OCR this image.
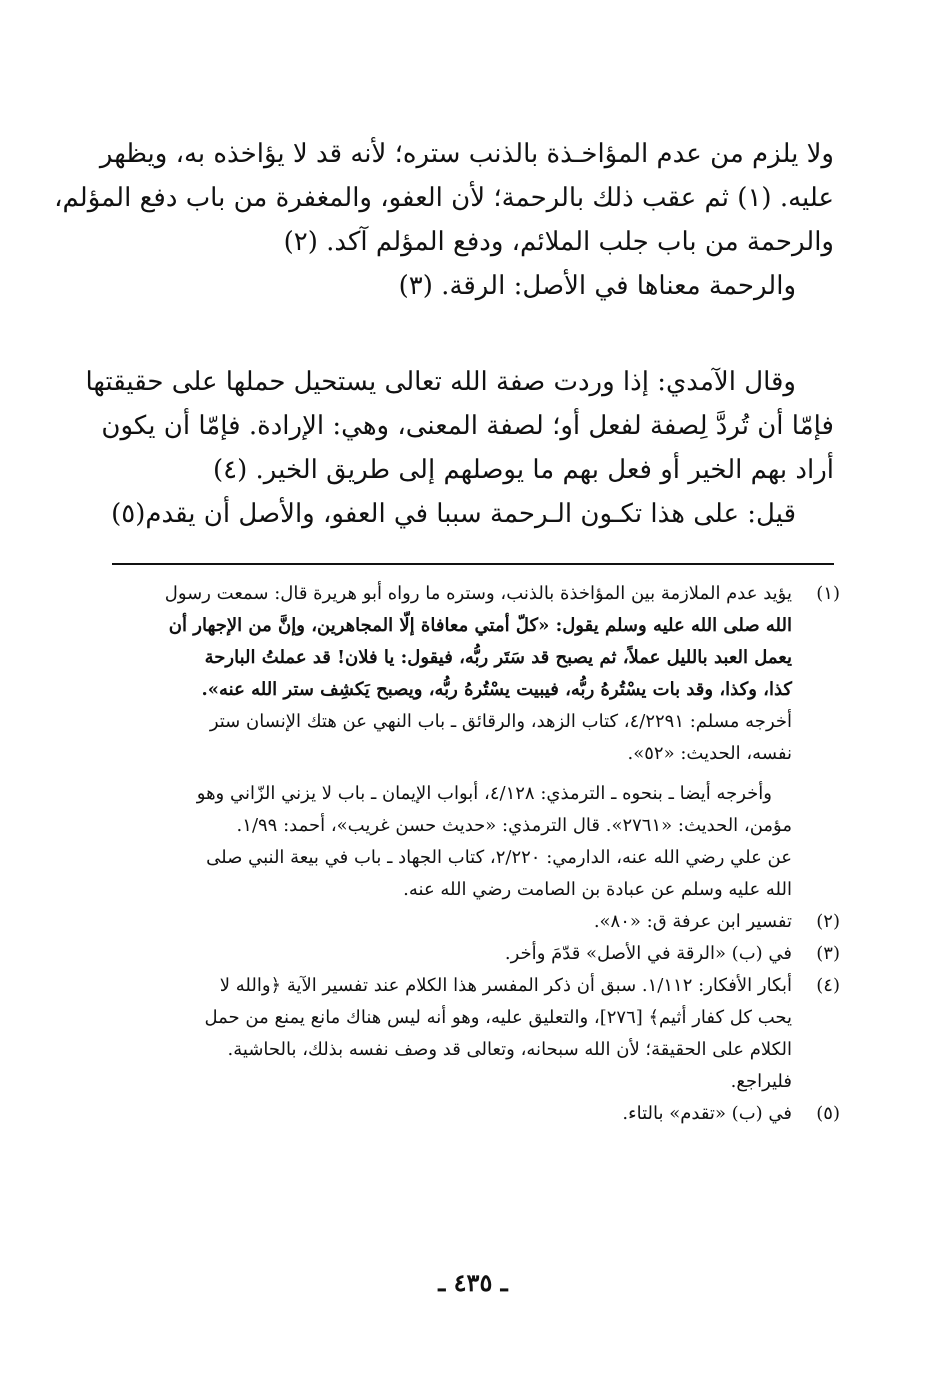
ولا يلزم من عدم المؤاخـذة بالذنب ستره؛ لأنه قد لا يؤاخذه به، ويظهر
عليه. (١) ثم عقب ذلك بالرحمة؛ لأن العفو، والمغفرة من باب دفع المؤلم،
والرحمة من باب جلب الملائم، ودفع المؤلم آكد. (٢)
والرحمة معناها في الأصل: الرقة. (٣)
وقال الآمدي: إذا وردت صفة الله تعالى يستحيل حملها على حقيقتها
فإمّا أن تُردَّ لِصفة لفعل أو؛ لصفة المعنى، وهي: الإرادة. فإمّا أن يكون
أراد بهم الخير أو فعل بهم ما يوصلهم إلى طريق الخير. (٤)
قيل: على هذا تكـون الـرحمة سببا في العفو، والأصل أن يقدم(٥)
(١)
يؤيد عدم الملازمة بين المؤاخذة بالذنب، وستره ما رواه أبو هريرة قال: سمعت رسول
الله صلى الله عليه وسلم يقول: «كلّ أمتي معافاة إلّا المجاهرين، وإنَّ من الإجهار أن
يعمل العبد بالليل عملاً، ثم يصبح قد سَتَر ربُّه، فيقول: يا فلان! قد عملتُ البارحة
كذا، وكذا، وقد بات يسْتُرهُ ربُّه، فيبيت يسْتُرهُ ربُّه، ويصبح يَكشِف ستر الله عنه».
أخرجه مسلم: ٤/٢٢٩١، كتاب الزهد، والرقائق ـ باب النهي عن هتك الإنسان ستر
نفسه، الحديث: «٥٢».
وأخرجه أيضا ـ بنحوه ـ الترمذي: ٤/١٢٨، أبواب الإيمان ـ باب لا يزني الزّاني وهو
مؤمن، الحديث: «٢٧٦١». قال الترمذي: «حديث حسن غريب»، أحمد: ١/٩٩.
عن علي رضي الله عنه، الدارمي: ٢/٢٢٠، كتاب الجهاد ـ باب في بيعة النبي صلى
الله عليه وسلم عن عبادة بن الصامت رضي الله عنه.
(٢)
تفسير ابن عرفة ق: «٨٠».
(٣)
في (ب) «الرقة في الأصل» قدّمَ وأخر.
(٤)
أبكار الأفكار: ١/١١٢. سبق أن ذكر المفسر هذا الكلام عند تفسير الآية ﴿والله لا
يحب كل كفار أثيم﴾ [٢٧٦]، والتعليق عليه، وهو أنه ليس هناك مانع يمنع من حمل
الكلام على الحقيقة؛ لأن الله سبحانه، وتعالى قد وصف نفسه بذلك، بالحاشية.
فليراجع.
(٥)
في (ب) «تقدم» بالتاء.
ـ ٤٣٥ ـ
